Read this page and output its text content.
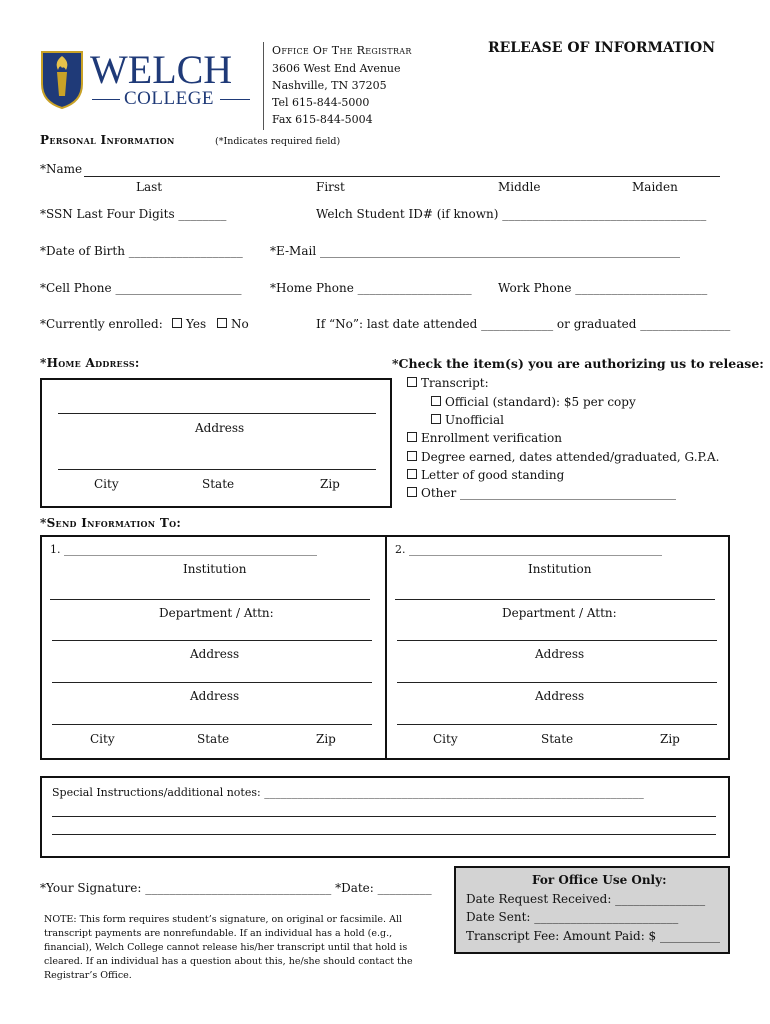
WELCH
COLLEGE
Office Of The Registrar
3606 West End Avenue
Nashville, TN 37205
Tel 615-844-5000
Fax 615-844-5004
RELEASE OF INFORMATION
Personal Information	(*Indicates required field)
*Name
Last	First	Middle	Maiden
*SSN Last Four Digits ________	Welch Student ID# (if known) __________________________________
*Date of Birth ___________________ *E-Mail ____________________________________________________________
*Cell Phone _____________________ *Home Phone ___________________ Work Phone ______________________
*Currently enrolled:	Yes	No	If “No”: last date attended ____________ or graduated _______________
*Home Address:
Address
City	State	Zip
*Check the item(s) you are authorizing us to release:
Transcript:
Official (standard): $5 per copy
Unofficial
Enrollment verification
Degree earned, dates attended/graduated, G.P.A.
Letter of good standing
Other ____________________________________
*Send Information To:
1. ______________________________________________
Institution
Department / Attn:
Address
Address
City	State	Zip
2. ______________________________________________
Institution
Department / Attn:
Address
Address
City	State	Zip
Special Instructions/additional notes: _____________________________________________________________________
*Your Signature: _______________________________ *Date: _________
NOTE: This form requires student’s signature, on original or facsimile. All transcript payments are nonrefundable. If an individual has a hold (e.g., financial), Welch College cannot release his/her transcript until that hold is cleared. If an individual has a question about this, he/she should contact the Registrar’s Office.
For Office Use Only:
Date Request Received: _______________
Date Sent: ________________________
Transcript Fee: Amount Paid: $ __________
